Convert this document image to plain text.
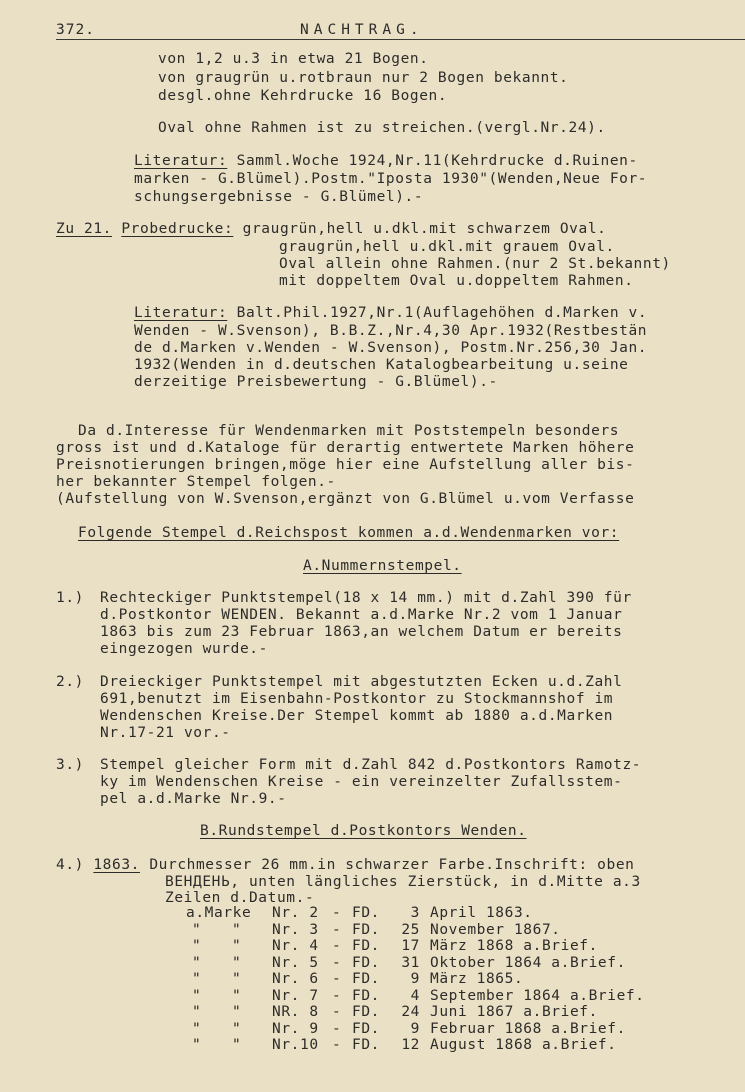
372.	NACHTRAG.

von 1,2 u.3 in etwa 21 Bogen.

von graugrün u.rotbraun nur 2 Bogen bekannt.

desgl.ohne Kehrdrucke 16 Bogen.

Oval ohne Rahmen ist zu streichen.(vergl.Nr.24).

Literatur: Samml.Woche 1924,Nr.11(Kehrdrucke d.Ruinen-

marken - G.Blümel).Postm."Iposta 1930"(Wenden,Neue For-

schungsergebnisse - G.Blümel).-

Zu 21. Probedrucke: graugrün,hell u.dkl.mit schwarzem Oval.

graugrün,hell u.dkl.mit grauem Oval.

Oval allein ohne Rahmen.(nur 2 St.bekannt)

mit doppeltem Oval u.doppeltem Rahmen.

Literatur: Balt.Phil.1927,Nr.1(Auflagehöhen d.Marken v.

Wenden - W.Svenson), B.B.Z.,Nr.4,30 Apr.1932(Restbestän

de d.Marken v.Wenden - W.Svenson), Postm.Nr.256,30 Jan.

1932(Wenden in d.deutschen Katalogbearbeitung u.seine

derzeitige Preisbewertung - G.Blümel).-

Da d.Interesse für Wendenmarken mit Poststempeln besonders

gross ist und d.Kataloge für derartig entwertete Marken höhere

Preisnotierungen bringen,möge hier eine Aufstellung aller bis-

her bekannter Stempel folgen.-

(Aufstellung von W.Svenson,ergänzt von G.Blümel u.vom Verfasse

Folgende Stempel d.Reichspost kommen a.d.Wendenmarken vor:

A.Nummernstempel.

1.) Rechteckiger Punktstempel(18 x 14 mm.) mit d.Zahl 390 für

d.Postkontor WENDEN. Bekannt a.d.Marke Nr.2 vom 1 Januar

1863 bis zum 23 Februar 1863,an welchem Datum er bereits

eingezogen wurde.-

2.) Dreieckiger Punktstempel mit abgestutzten Ecken u.d.Zahl

691,benutzt im Eisenbahn-Postkontor zu Stockmannshof im

Wendenschen Kreise.Der Stempel kommt ab 1880 a.d.Marken

Nr.17-21 vor.-

3.) Stempel gleicher Form mit d.Zahl 842 d.Postkontors Ramotz-

ky im Wendenschen Kreise - ein vereinzelter Zufallsstem-

pel a.d.Marke Nr.9.-

B.Rundstempel d.Postkontors Wenden.

4.) 1863. Durchmesser 26 mm.in schwarzer Farbe.Inschrift: oben

ВЕНДЕНЬ, unten längliches Zierstück, in d.Mitte a.3

Zeilen d.Datum.-

a.Marke		Nr. 2	-	FD.	3	April 1863.
"	"	Nr. 3	-	FD.	25	November 1867.
"	"	Nr. 4	-	FD.	17	März 1868 a.Brief.
"	"	Nr. 5	-	FD.	31	Oktober 1864 a.Brief.
"	"	Nr. 6	-	FD.	9	März 1865.
"	"	Nr. 7	-	FD.	4	September 1864 a.Brief.
"	"	NR. 8	-	FD.	24	Juni 1867 a.Brief.
"	"	Nr. 9	-	FD.	9	Februar 1868 a.Brief.
"	"	Nr.10	-	FD.	12	August 1868 a.Brief.
